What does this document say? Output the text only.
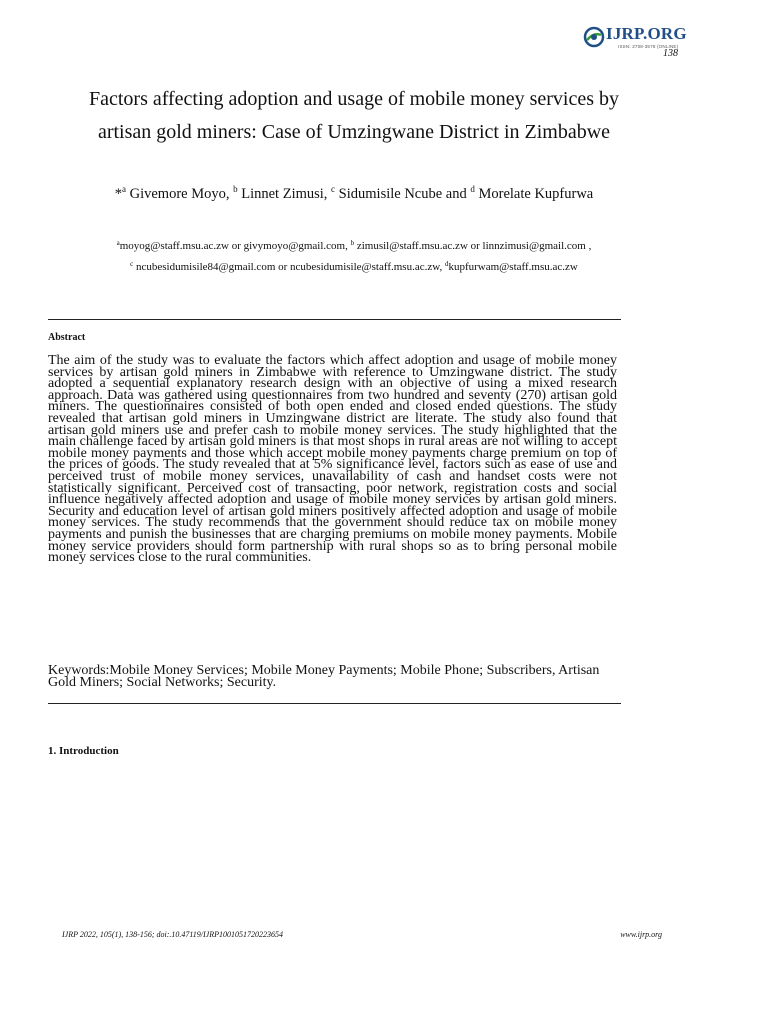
IJRP.ORG
ISSN: 2708-3578 (ONLINE)
138
Factors affecting adoption and usage of mobile money services by
artisan gold miners: Case of Umzingwane District in Zimbabwe
*$^a$ Givemore Moyo, $^b$ Linnet Zimusi, $^c$ Sidumisile Ncube and $^d$ Morelate Kupfurwa
$^a$moyog@staff.msu.ac.zw or givymoyo@gmail.com, $^b$ zimusil@staff.msu.ac.zw or linnzimusi@gmail.com ,
$^c$ ncubesidumisile84@gmail.com or ncubesidumisile@staff.msu.ac.zw, $^d$kupfurwam@staff.msu.ac.zw
Abstract
The aim of the study was to evaluate the factors which affect adoption and usage of mobile money services by artisan gold miners in Zimbabwe with reference to Umzingwane district. The study adopted a sequential explanatory research design with an objective of using a mixed research approach. Data was gathered using questionnaires from two hundred and seventy (270) artisan gold miners. The questionnaires consisted of both open ended and closed ended questions. The study revealed that artisan gold miners in Umzingwane district are literate. The study also found that artisan gold miners use and prefer cash to mobile money services. The study highlighted that the main challenge faced by artisan gold miners is that most shops in rural areas are not willing to accept mobile money payments and those which accept mobile money payments charge premium on top of the prices of goods. The study revealed that at 5% significance level, factors such as ease of use and perceived trust of mobile money services, unavailability of cash and handset costs were not statistically significant. Perceived cost of transacting, poor network, registration costs and social influence negatively affected adoption and usage of mobile money services by artisan gold miners. Security and education level of artisan gold miners positively affected adoption and usage of mobile money services. The study recommends that the government should reduce tax on mobile money payments and punish the businesses that are charging premiums on mobile money payments. Mobile money service providers should form partnership with rural shops so as to bring personal mobile money services close to the rural communities.
Keywords:Mobile Money Services; Mobile Money Payments; Mobile Phone; Subscribers, Artisan Gold Miners; Social Networks; Security.
1. Introduction
IJRP 2022, 105(1), 138-156; doi:.10.47119/IJRP1001051720223654	www.ijrp.org
